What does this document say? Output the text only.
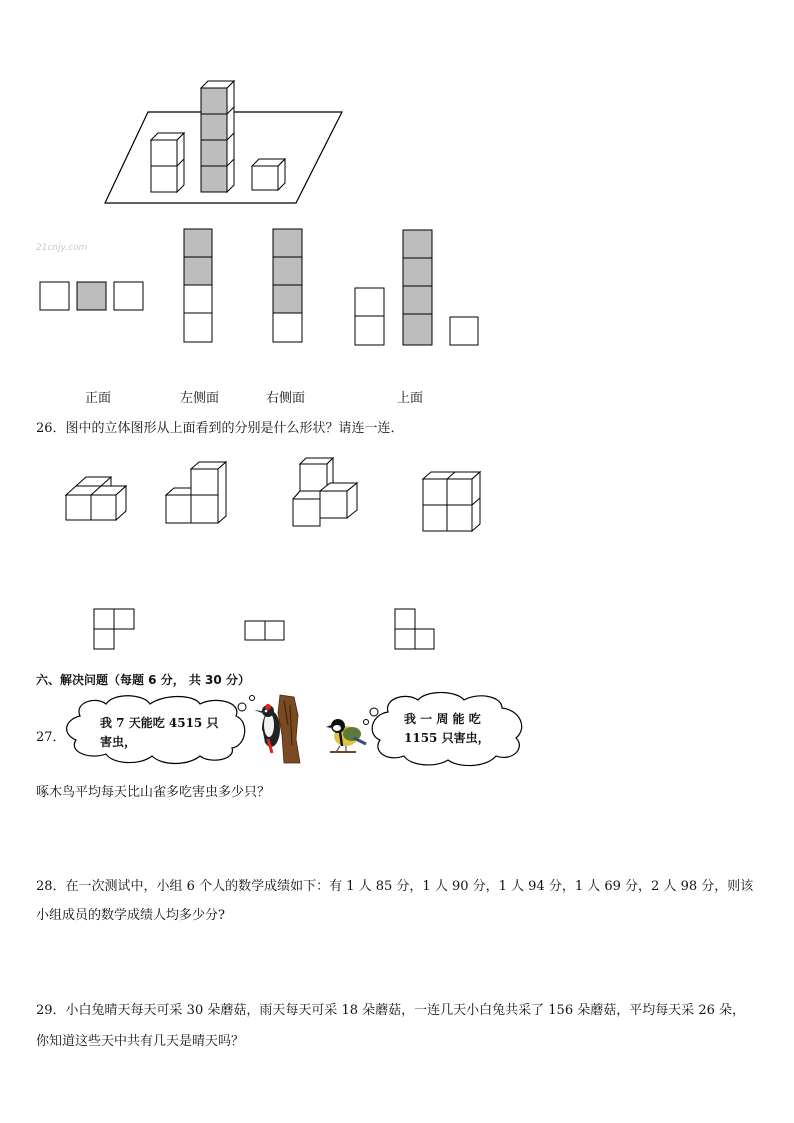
21cnjy.com
正面	左侧面	右侧面	上面
26．图中的立体图形从上面看到的分别是什么形状？请连一连．
六、解决问题（每题 6 分， 共 30 分）
27．
我 7 天能吃 4515 只
害虫，
我 一 周 能 吃
1155 只害虫，
啄木鸟平均每天比山雀多吃害虫多少只？
28．在一次测试中，小组 6 个人的数学成绩如下：有 1 人 85 分，1 人 90 分，1 人 94 分，1 人 69 分，2 人 98 分，则该
小组成员的数学成绩人均多少分?
29．小白兔晴天每天可采 30 朵蘑菇，雨天每天可采 18 朵蘑菇，一连几天小白兔共采了 156 朵蘑菇，平均每天采 26 朵，
你知道这些天中共有几天是晴天吗？
